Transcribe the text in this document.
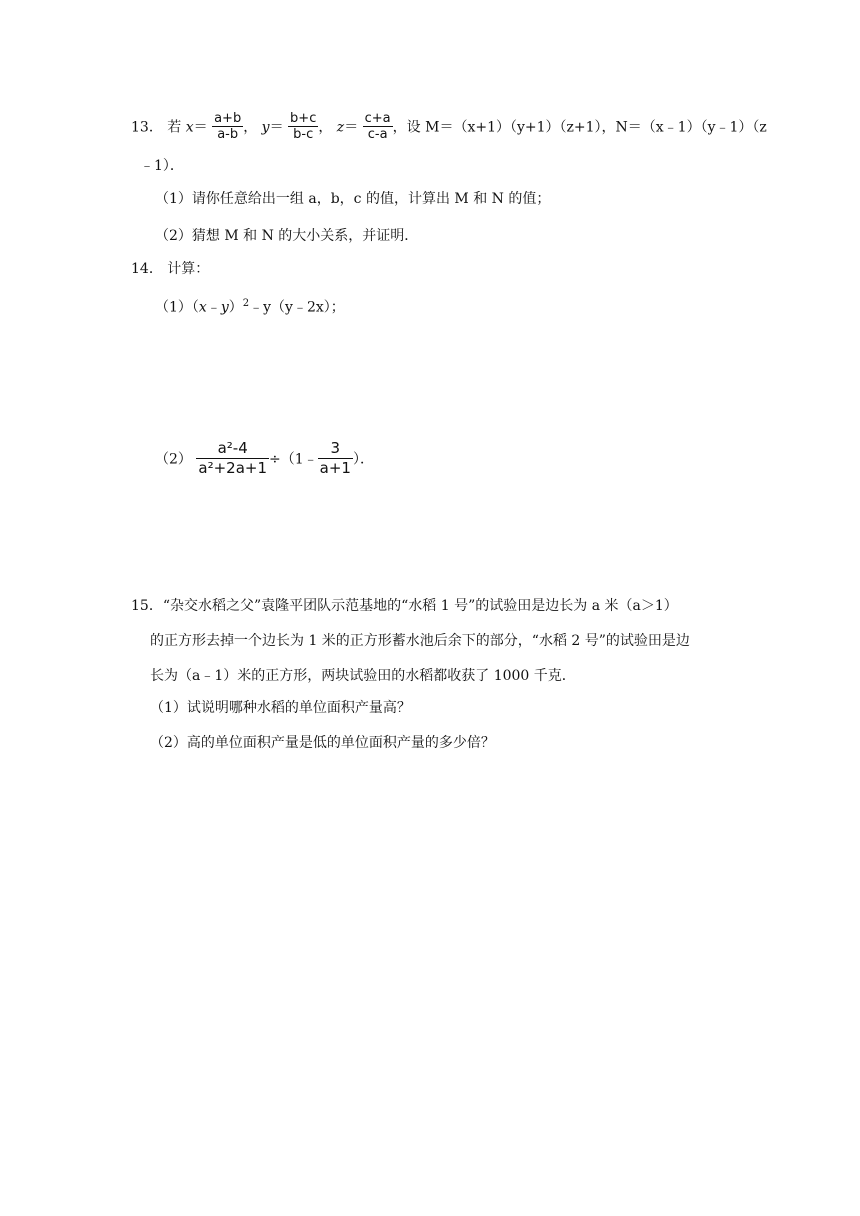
13． 若 $x= \frac{a+b}{a-b}$ ， $y= \frac{b+c}{b-c}$ ， $z= \frac{c+a}{c-a}$ ，设 M＝（x+1）（y+1）（z+1），N＝（x﹣1）（y﹣1）（z
﹣1）．
（1）请你任意给出一组 a，b，c 的值，计算出 M 和 N 的值；
（2）猜想 M 和 N 的大小关系，并证明．
14． 计算：
（1）（x﹣y）$^2$﹣y（y﹣2x）；
$(2) \frac{\text{a²-4}}{\text{a²+2a+1}}$ ÷（1﹣ $\frac{3}{a+1}$ ）．
15．“杂交水稻之父”袁隆平团队示范基地的“水稻 1 号”的试验田是边长为 a 米（a＞1）
的正方形去掉一个边长为 1 米的正方形蓄水池后余下的部分，“水稻 2 号”的试验田是边
长为（a﹣1）米的正方形，两块试验田的水稻都收获了 1000 千克．
（1）试说明哪种水稻的单位面积产量高？
（2）高的单位面积产量是低的单位面积产量的多少倍？
